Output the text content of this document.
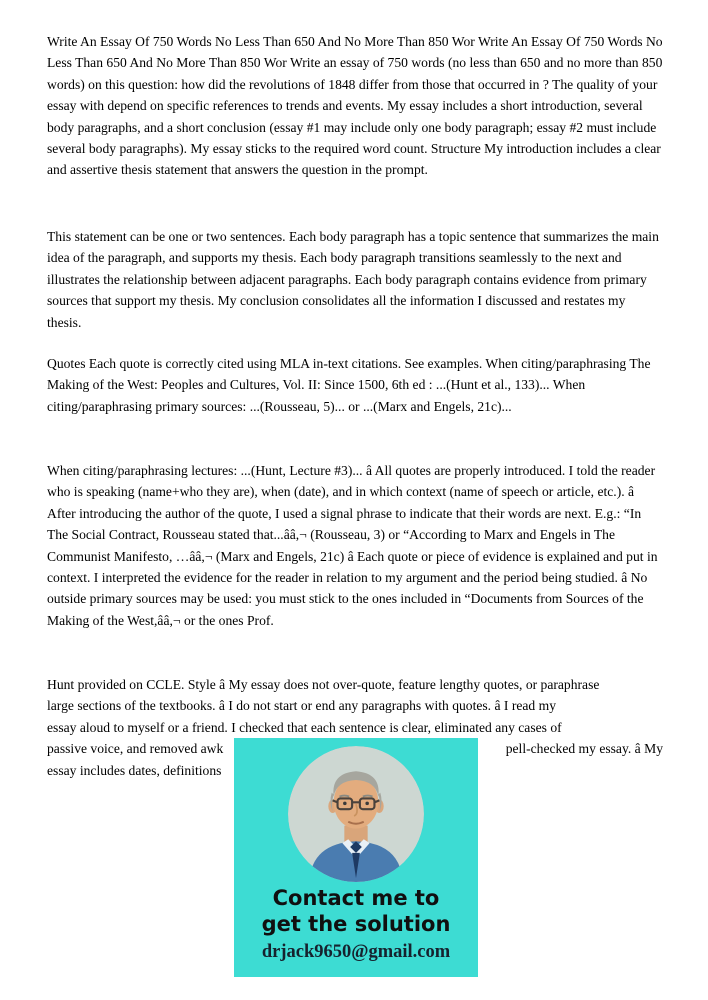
Write An Essay Of 750 Words No Less Than 650 And No More Than 850 Wor Write An Essay Of 750 Words No Less Than 650 And No More Than 850 Wor Write an essay of 750 words (no less than 650 and no more than 850 words) on this question: how did the revolutions of 1848 differ from those that occurred in ? The quality of your essay with depend on specific references to trends and events. My essay includes a short introduction, several body paragraphs, and a short conclusion (essay #1 may include only one body paragraph; essay #2 must include several body paragraphs). My essay sticks to the required word count. Structure My introduction includes a clear and assertive thesis statement that answers the question in the prompt.

This statement can be one or two sentences. Each body paragraph has a topic sentence that summarizes the main idea of the paragraph, and supports my thesis. Each body paragraph transitions seamlessly to the next and illustrates the relationship between adjacent paragraphs. Each body paragraph contains evidence from primary sources that support my thesis. My conclusion consolidates all the information I discussed and restates my thesis.

Quotes Each quote is correctly cited using MLA in-text citations. See examples. When citing/paraphrasing The Making of the West: Peoples and Cultures, Vol. II: Since 1500, 6th ed : ...(Hunt et al., 133)... When citing/paraphrasing primary sources: ...(Rousseau, 5)... or ...(Marx and Engels, 21c)...

When citing/paraphrasing lectures: ...(Hunt, Lecture #3)... â All quotes are properly introduced. I told the reader who is speaking (name+who they are), when (date), and in which context (name of speech or article, etc.). â After introducing the author of the quote, I used a signal phrase to indicate that their words are next. E.g.: “In The Social Contract, Rousseau stated that...ââ,¬ (Rousseau, 3) or “According to Marx and Engels in The Communist Manifesto, …ââ,¬ (Marx and Engels, 21c) â Each quote or piece of evidence is explained and put in context. I interpreted the evidence for the reader in relation to my argument and the period being studied. â No outside primary sources may be used: you must stick to the ones included in “Documents from Sources of the Making of the West,ââ,¬ or the ones Prof.

Hunt provided on CCLE. Style â My essay does not over-quote, feature lengthy quotes, or paraphrase
large sections of the textbooks. â I do not start or end any paragraphs with quotes. â I read my
essay aloud to myself or a friend. I checked that each sentence is clear, eliminated any cases of
passive voice, and removed awk	pell-checked my essay. â My
essay includes dates, definitions
Contact me to
get the solution
drjack9650@gmail.com
